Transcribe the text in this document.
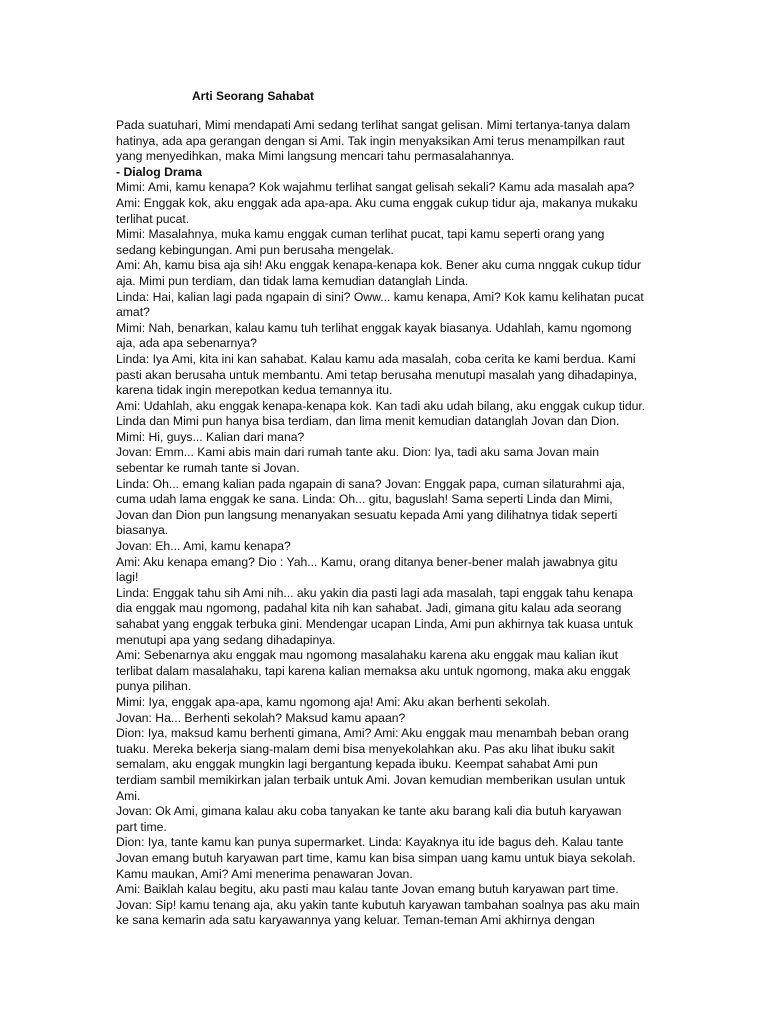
Arti Seorang Sahabat
Pada suatuhari, Mimi mendapati Ami sedang terlihat sangat gelisan. Mimi tertanya-tanya dalam
hatinya, ada apa gerangan dengan si Ami. Tak ingin menyaksikan Ami terus menampilkan raut
yang menyedihkan, maka Mimi langsung mencari tahu permasalahannya.
- Dialog Drama
Mimi: Ami, kamu kenapa? Kok wajahmu terlihat sangat gelisah sekali? Kamu ada masalah apa?
Ami: Enggak kok, aku enggak ada apa-apa. Aku cuma enggak cukup tidur aja, makanya mukaku
terlihat pucat.
Mimi: Masalahnya, muka kamu enggak cuman terlihat pucat, tapi kamu seperti orang yang
sedang kebingungan. Ami pun berusaha mengelak.
Ami: Ah, kamu bisa aja sih! Aku enggak kenapa-kenapa kok. Bener aku cuma nnggak cukup tidur
aja. Mimi pun terdiam, dan tidak lama kemudian datanglah Linda.
Linda: Hai, kalian lagi pada ngapain di sini? Oww... kamu kenapa, Ami? Kok kamu kelihatan pucat
amat?
Mimi: Nah, benarkan, kalau kamu tuh terlihat enggak kayak biasanya. Udahlah, kamu ngomong
aja, ada apa sebenarnya?
Linda: Iya Ami, kita ini kan sahabat. Kalau kamu ada masalah, coba cerita ke kami berdua. Kami
pasti akan berusaha untuk membantu. Ami tetap berusaha menutupi masalah yang dihadapinya,
karena tidak ingin merepotkan kedua temannya itu.
Ami: Udahlah, aku enggak kenapa-kenapa kok. Kan tadi aku udah bilang, aku enggak cukup tidur.
Linda dan Mimi pun hanya bisa terdiam, dan lima menit kemudian datanglah Jovan dan Dion.
Mimi: Hi, guys... Kalian dari mana?
Jovan: Emm... Kami abis main dari rumah tante aku. Dion: Iya, tadi aku sama Jovan main
sebentar ke rumah tante si Jovan.
Linda: Oh... emang kalian pada ngapain di sana? Jovan: Enggak papa, cuman silaturahmi aja,
cuma udah lama enggak ke sana. Linda: Oh... gitu, baguslah! Sama seperti Linda dan Mimi,
Jovan dan Dion pun langsung menanyakan sesuatu kepada Ami yang dilihatnya tidak seperti
biasanya.
Jovan: Eh... Ami, kamu kenapa?
Ami: Aku kenapa emang? Dio : Yah... Kamu, orang ditanya bener-bener malah jawabnya gitu
lagi!
Linda: Enggak tahu sih Ami nih... aku yakin dia pasti lagi ada masalah, tapi enggak tahu kenapa
dia enggak mau ngomong, padahal kita nih kan sahabat. Jadi, gimana gitu kalau ada seorang
sahabat yang enggak terbuka gini. Mendengar ucapan Linda, Ami pun akhirnya tak kuasa untuk
menutupi apa yang sedang dihadapinya.
Ami: Sebenarnya aku enggak mau ngomong masalahaku karena aku enggak mau kalian ikut
terlibat dalam masalahaku, tapi karena kalian memaksa aku untuk ngomong, maka aku enggak
punya pilihan.
Mimi: Iya, enggak apa-apa, kamu ngomong aja! Ami: Aku akan berhenti sekolah.
Jovan: Ha... Berhenti sekolah? Maksud kamu apaan?
Dion: Iya, maksud kamu berhenti gimana, Ami? Ami: Aku enggak mau menambah beban orang
tuaku. Mereka bekerja siang-malam demi bisa menyekolahkan aku. Pas aku lihat ibuku sakit
semalam, aku enggak mungkin lagi bergantung kepada ibuku. Keempat sahabat Ami pun
terdiam sambil memikirkan jalan terbaik untuk Ami. Jovan kemudian memberikan usulan untuk
Ami.
Jovan: Ok Ami, gimana kalau aku coba tanyakan ke tante aku barang kali dia butuh karyawan
part time.
Dion: Iya, tante kamu kan punya supermarket. Linda: Kayaknya itu ide bagus deh. Kalau tante
Jovan emang butuh karyawan part time, kamu kan bisa simpan uang kamu untuk biaya sekolah.
Kamu maukan, Ami? Ami menerima penawaran Jovan.
Ami: Baiklah kalau begitu, aku pasti mau kalau tante Jovan emang butuh karyawan part time.
Jovan: Sip! kamu tenang aja, aku yakin tante kubutuh karyawan tambahan soalnya pas aku main
ke sana kemarin ada satu karyawannya yang keluar. Teman-teman Ami akhirnya dengan
